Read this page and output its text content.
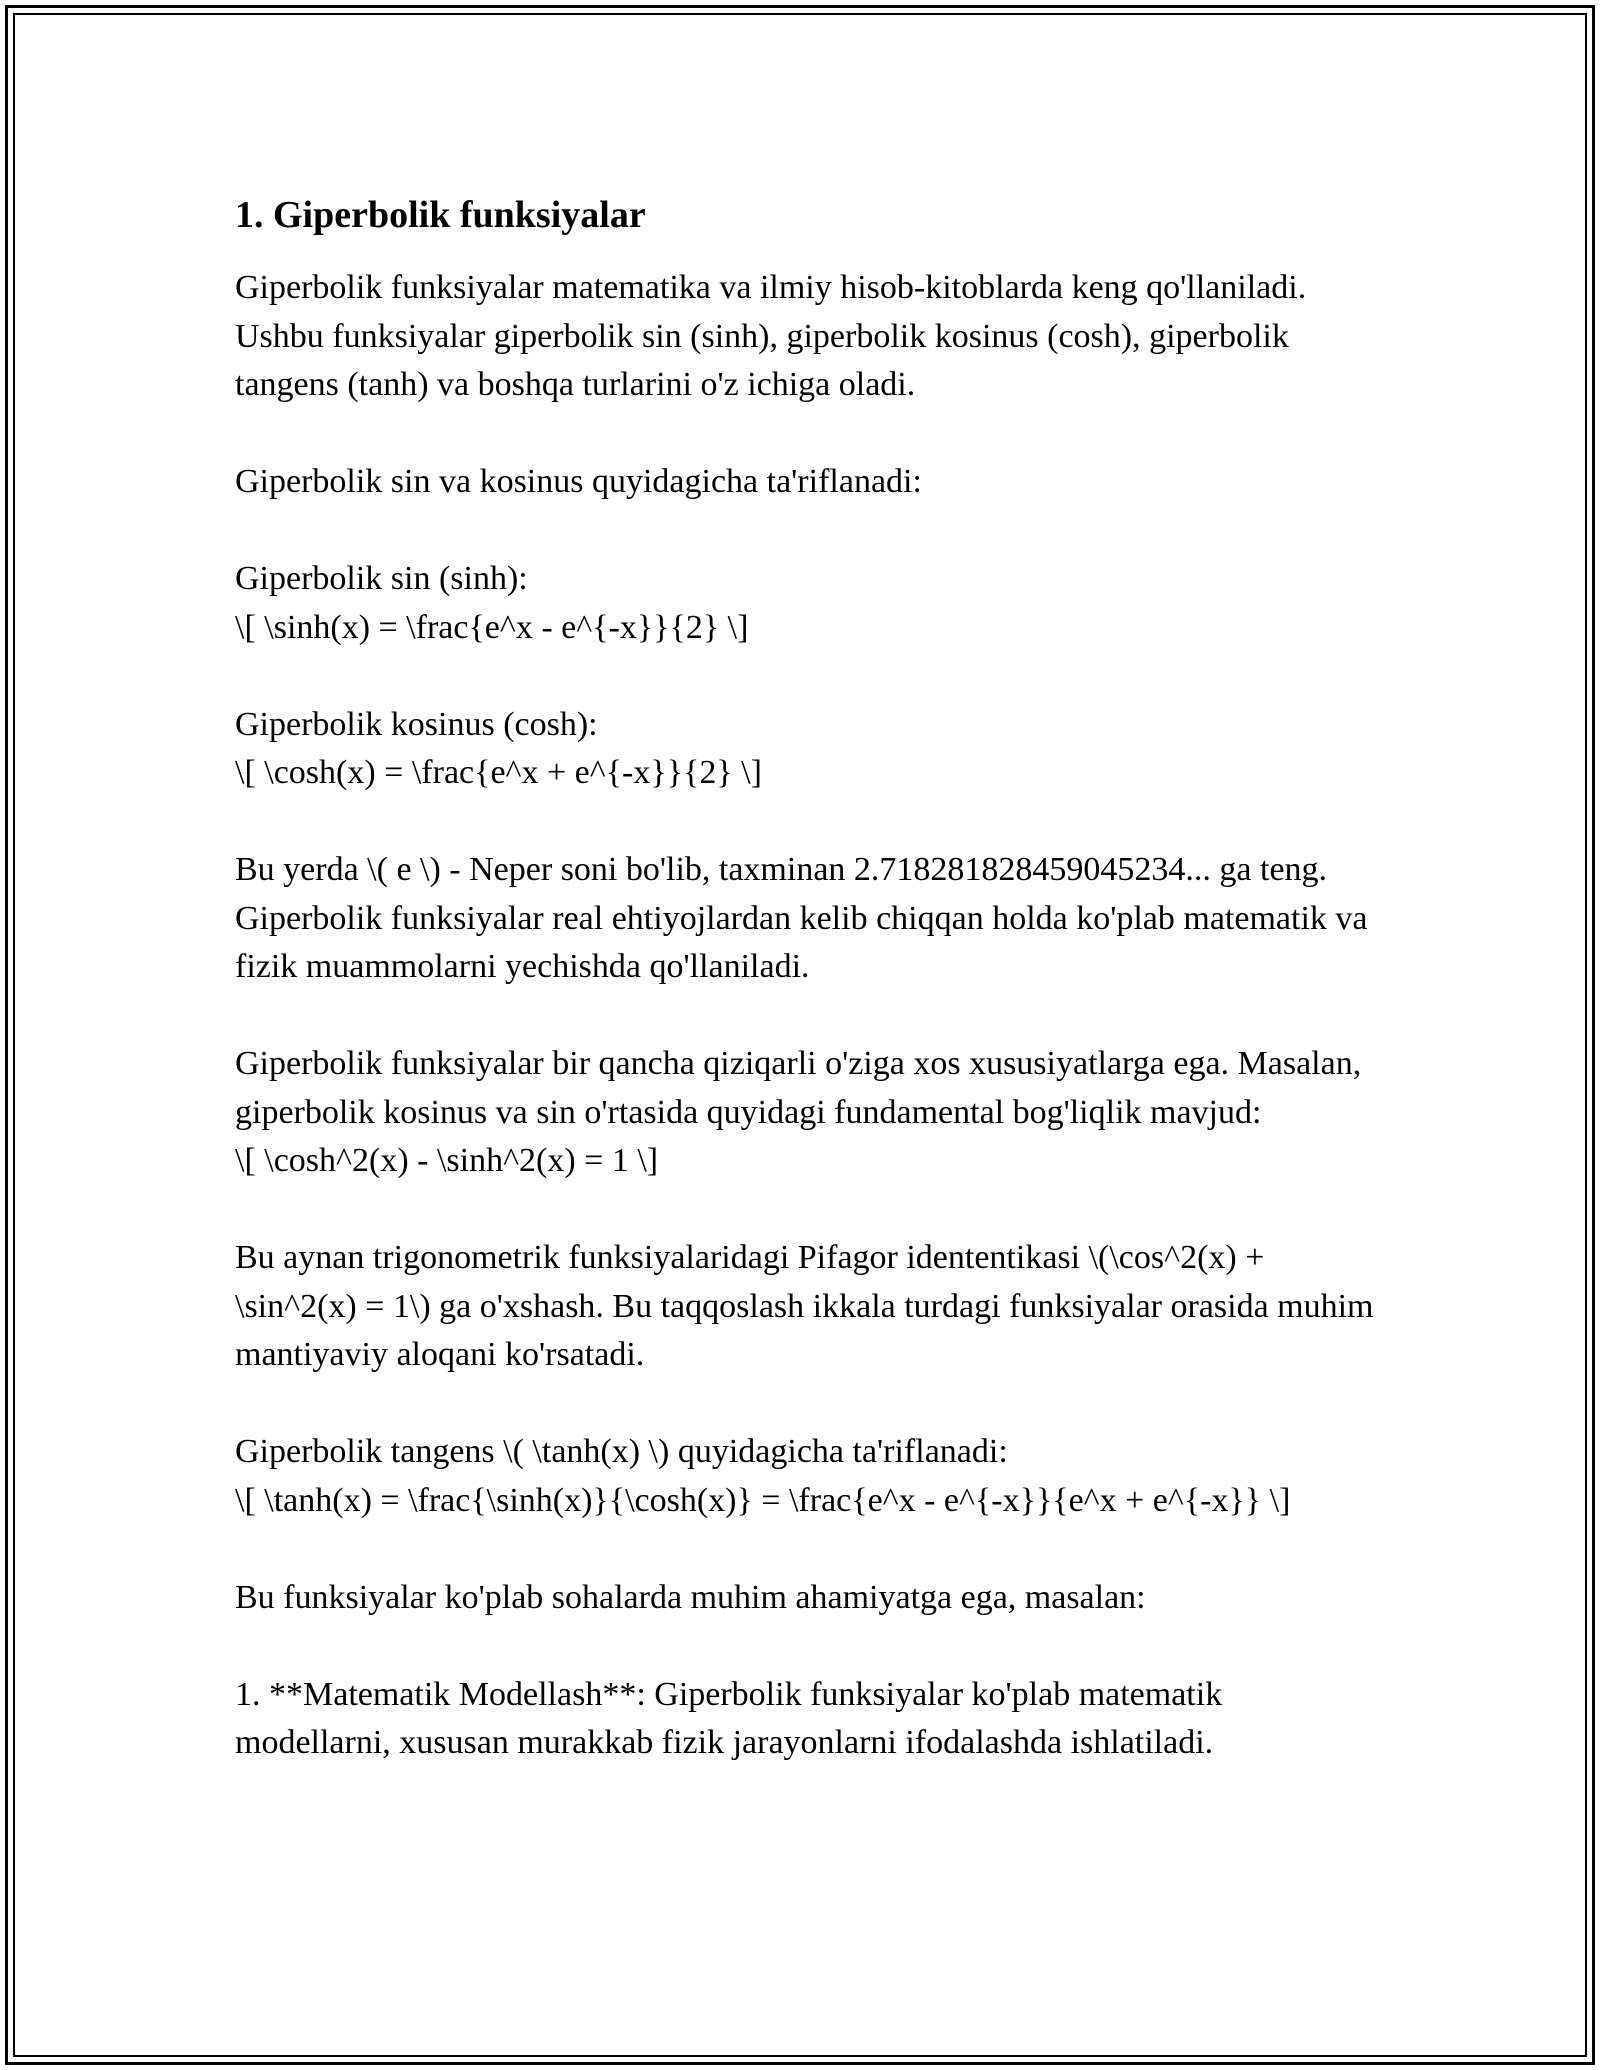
1. Giperbolik funksiyalar
Giperbolik funksiyalar matematika va ilmiy hisob-kitoblarda keng qo'llaniladi. Ushbu funksiyalar giperbolik sin (sinh), giperbolik kosinus (cosh), giperbolik tangens (tanh) va boshqa turlarini o'z ichiga oladi.
Giperbolik sin va kosinus quyidagicha ta'riflanadi:
Giperbolik sin (sinh):
\[ \sinh(x) = \frac{e^x - e^{-x}}{2} \]
Giperbolik kosinus (cosh):
\[ \cosh(x) = \frac{e^x + e^{-x}}{2} \]
Bu yerda \( e \) - Neper soni bo'lib, taxminan 2.718281828459045234... ga teng. Giperbolik funksiyalar real ehtiyojlardan kelib chiqqan holda ko'plab matematik va fizik muammolarni yechishda qo'llaniladi.
Giperbolik funksiyalar bir qancha qiziqarli o'ziga xos xususiyatlarga ega. Masalan, giperbolik kosinus va sin o'rtasida quyidagi fundamental bog'liqlik mavjud:
\[ \cosh^2(x) - \sinh^2(x) = 1 \]
Bu aynan trigonometrik funksiyalaridagi Pifagor idententikasi \(\cos^2(x) + \sin^2(x) = 1\) ga o'xshash. Bu taqqoslash ikkala turdagi funksiyalar orasida muhim mantiyaviy aloqani ko'rsatadi.
Giperbolik tangens \( \tanh(x) \) quyidagicha ta'riflanadi:
\[ \tanh(x) = \frac{\sinh(x)}{\cosh(x)} = \frac{e^x - e^{-x}}{e^x + e^{-x}} \]
Bu funksiyalar ko'plab sohalarda muhim ahamiyatga ega, masalan:
1. **Matematik Modellash**: Giperbolik funksiyalar ko'plab matematik modellarni, xususan murakkab fizik jarayonlarni ifodalashda ishlatiladi.
